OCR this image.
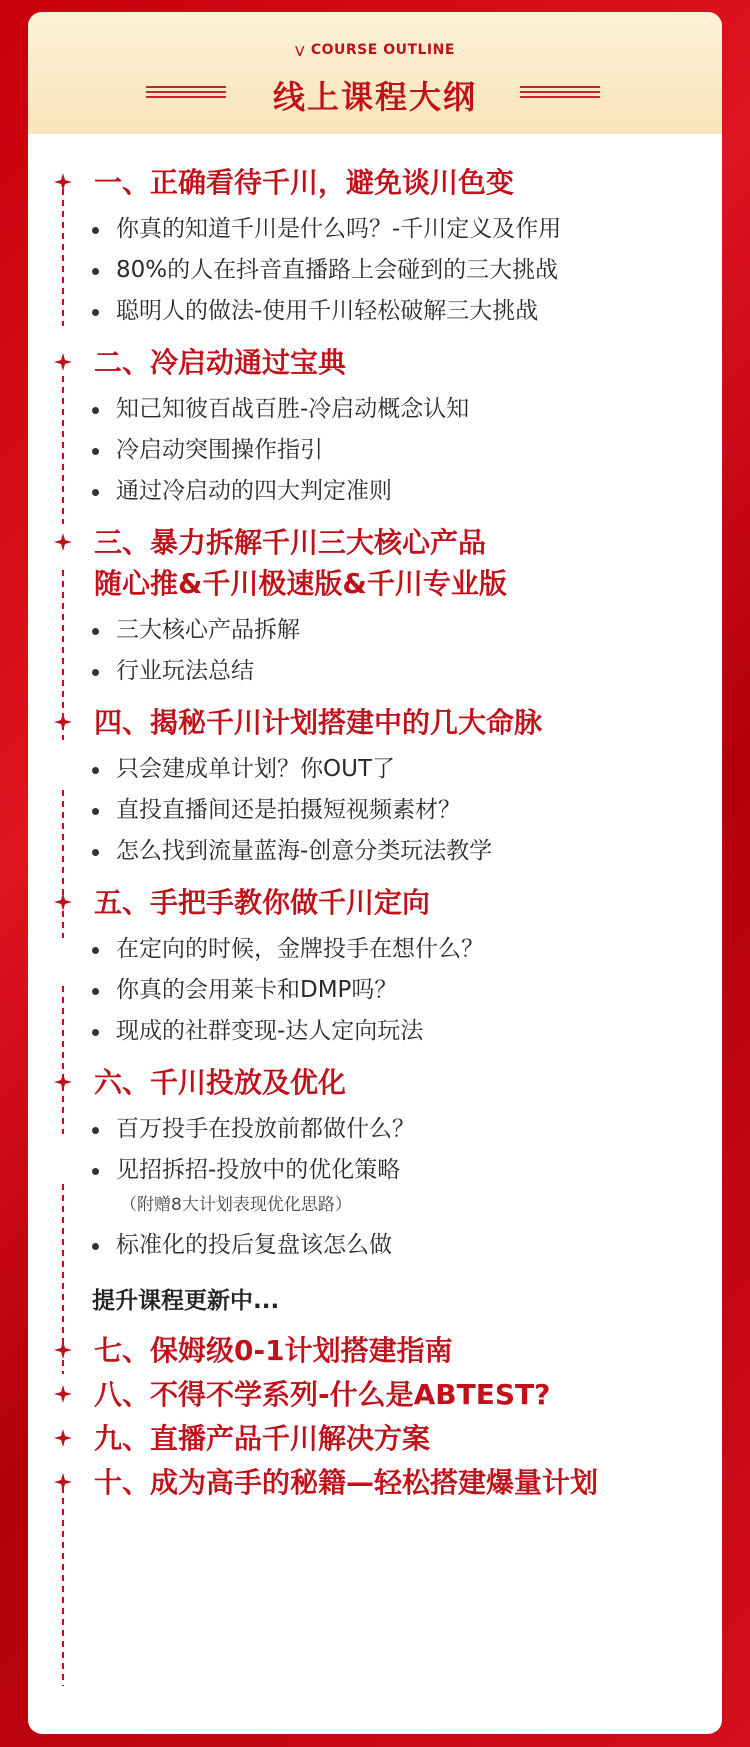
⋁ COURSE OUTLINE
线上课程大纲
一、正确看待千川，避免谈川色变
你真的知道千川是什么吗？-千川定义及作用
80%的人在抖音直播路上会碰到的三大挑战
聪明人的做法-使用千川轻松破解三大挑战
二、冷启动通过宝典
知己知彼百战百胜-冷启动概念认知
冷启动突围操作指引
通过冷启动的四大判定准则
三、暴力拆解千川三大核心产品
随心推&千川极速版&千川专业版
三大核心产品拆解
行业玩法总结
四、揭秘千川计划搭建中的几大命脉
只会建成单计划？你OUT了
直投直播间还是拍摄短视频素材？
怎么找到流量蓝海-创意分类玩法教学
五、手把手教你做千川定向
在定向的时候，金牌投手在想什么？
你真的会用莱卡和DMP吗？
现成的社群变现-达人定向玩法
六、千川投放及优化
百万投手在投放前都做什么？
见招拆招-投放中的优化策略
（附赠8大计划表现优化思路）
标准化的投后复盘该怎么做
提升课程更新中...
七、保姆级0-1计划搭建指南
八、不得不学系列-什么是ABTEST?
九、直播产品千川解决方案
十、成为高手的秘籍—轻松搭建爆量计划
